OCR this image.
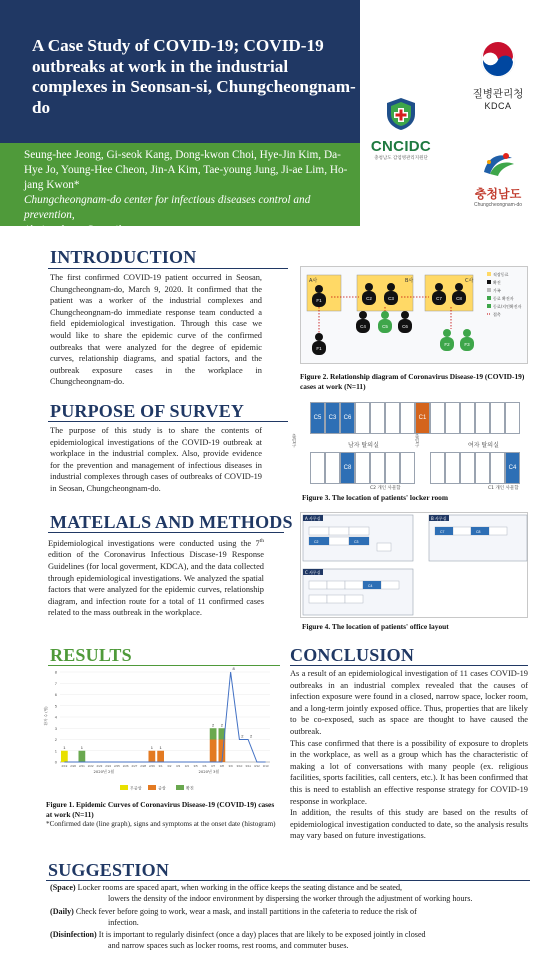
A Case Study of COVID-19; COVID-19 outbreaks at work in the industrial complexes in Seonsan-si, Chungcheongnam-do
Seung-hee Jeong, Gi-seok Kang, Dong-kwon Choi, Hye-Jin Kim, Da-Hye Jo, Young-Hee Cheon, Jin-A Kim, Tae-young Jung, Ji-ae Lim, Ho-jang Kwon*
Chungcheongnam-do center for infectious diseases control and prevention,
*hojangkwon@gmail.com
질병관리청
KDCA
CNCIDC
충청남도 감염병관리지원단
충청남도
Chungcheongnam-do
INTRODUCTION
The first confirmed COVID-19 patient occurred in Seosan, Chungcheongnam-do, March 9, 2020. It confirmed that the patient was a worker of the industrial complexes and Chungcheongnam-do immediate response team conducted a field epidemiological investigation. Through this case we would like to share the epidemic curve of the confirmed outbreaks that were analyzed for the degree of epidemic curves, relationship diagrams, and spatial factors, and the outbreak exposure cases in the workplace in Chungcheongnam-do.
PURPOSE OF SURVEY
The purpose of this study is to share the contents of epidemiological investigations of the COVID-19 outbreak at workplace in the industrial complex. Also, provide evidence for the prevention and management of infectious diseases in industrial complexes through cases of outbreaks of COVID-19 in Seosan, Chungcheongnam-do.
MATELALS AND METHODS
Epidemiological investigations were conducted using the 7th edition of the Coronavirus Infectious Discase-19 Response Guidelines (for local goverment, KDCA), and the data collected through epidemiological investigations. We analyzed the spatial factors that were analyzed for the epidemic curves, relationship diagram, and infection route for a total of 11 confirmed cases related to the mass outbreak in the workplace.
A사	B사	C사
F1	C2	C3	C7	C8
C4	C6
F1
C5
F2	F3
직장동료
확진
가족
동료 확진자
동료/지인확진자
접촉
Figure 2. Relationship diagram of Coronavirus Disease-19 (COVID-19) cases at work (N=11)
C5	C3	C6	C1
남자 탈의실	여자 탈의실
출입구	출입구
C8	C4
C2 개인 사물함	C1 개인 사물함
Figure 3. The location of patients' locker room
A 사무실	B 사무실
C 사무실
C2	C3
C7	C8
C4
Figure 4. The location of patients' office layout
RESULTS
0
1
2
3
4
5
6
7
8
환자 수 (명)
1	1	1 1
2 2
8
2 2
2/19 2/20 2/21 2/22 2/23 2/24 2/25 2/26 2/27 2/28 2/29 3/1 3/2 3/3 3/4 3/5 3/6 3/7 3/8 3/9 3/10 3/11 3/12 3/13
2020년 2월	2020년 3월
무증상	증상	확진
Figure 1. Epidemic Curves of Coronavirus Disease-19 (COVID-19) cases at work (N=11)
*Confirmed date (line graph), signs and symptoms at the onset date (histogram)
CONCLUSION
As a result of an epidemiological investigation of 11 cases COVID-19 outbreaks in an industrial complex revealed that the causes of infection exposure were found in a closed, narrow space, locker room, and a long-term jointly exposed office. Thus, properties that are likely to be co-exposed, such as space are thought to have caused the outbreak.
This case confirmed that there is a possibility of exposure to droplets in the workplace, as well as a group which has the characteristic of making a lot of conversations with many people (ex. religious facilities, sports facilities, call centers, etc.). It has been confirmed that this is need to establish an effective response strategy for COVID-19 response in workplace.
In addition, the results of this study are based on the results of epidemiological investigation conducted to date, so the analysis results may vary based on future investigations.
SUGGESTION
(Space) Locker rooms are spaced apart, when working in the office keeps the seating distance and be seated,
lowers the density of the indoor environment by dispersing the worker through the adjustment of working hours.
(Daily) Check fever before going to work, wear a mask, and install partitions in the cafeteria to reduce the risk of
infection.
(Disinfection) It is important to regularly disinfect (once a day) places that are likely to be exposed jointly in closed
and narrow spaces such as locker rooms, rest rooms, and commuter buses.
